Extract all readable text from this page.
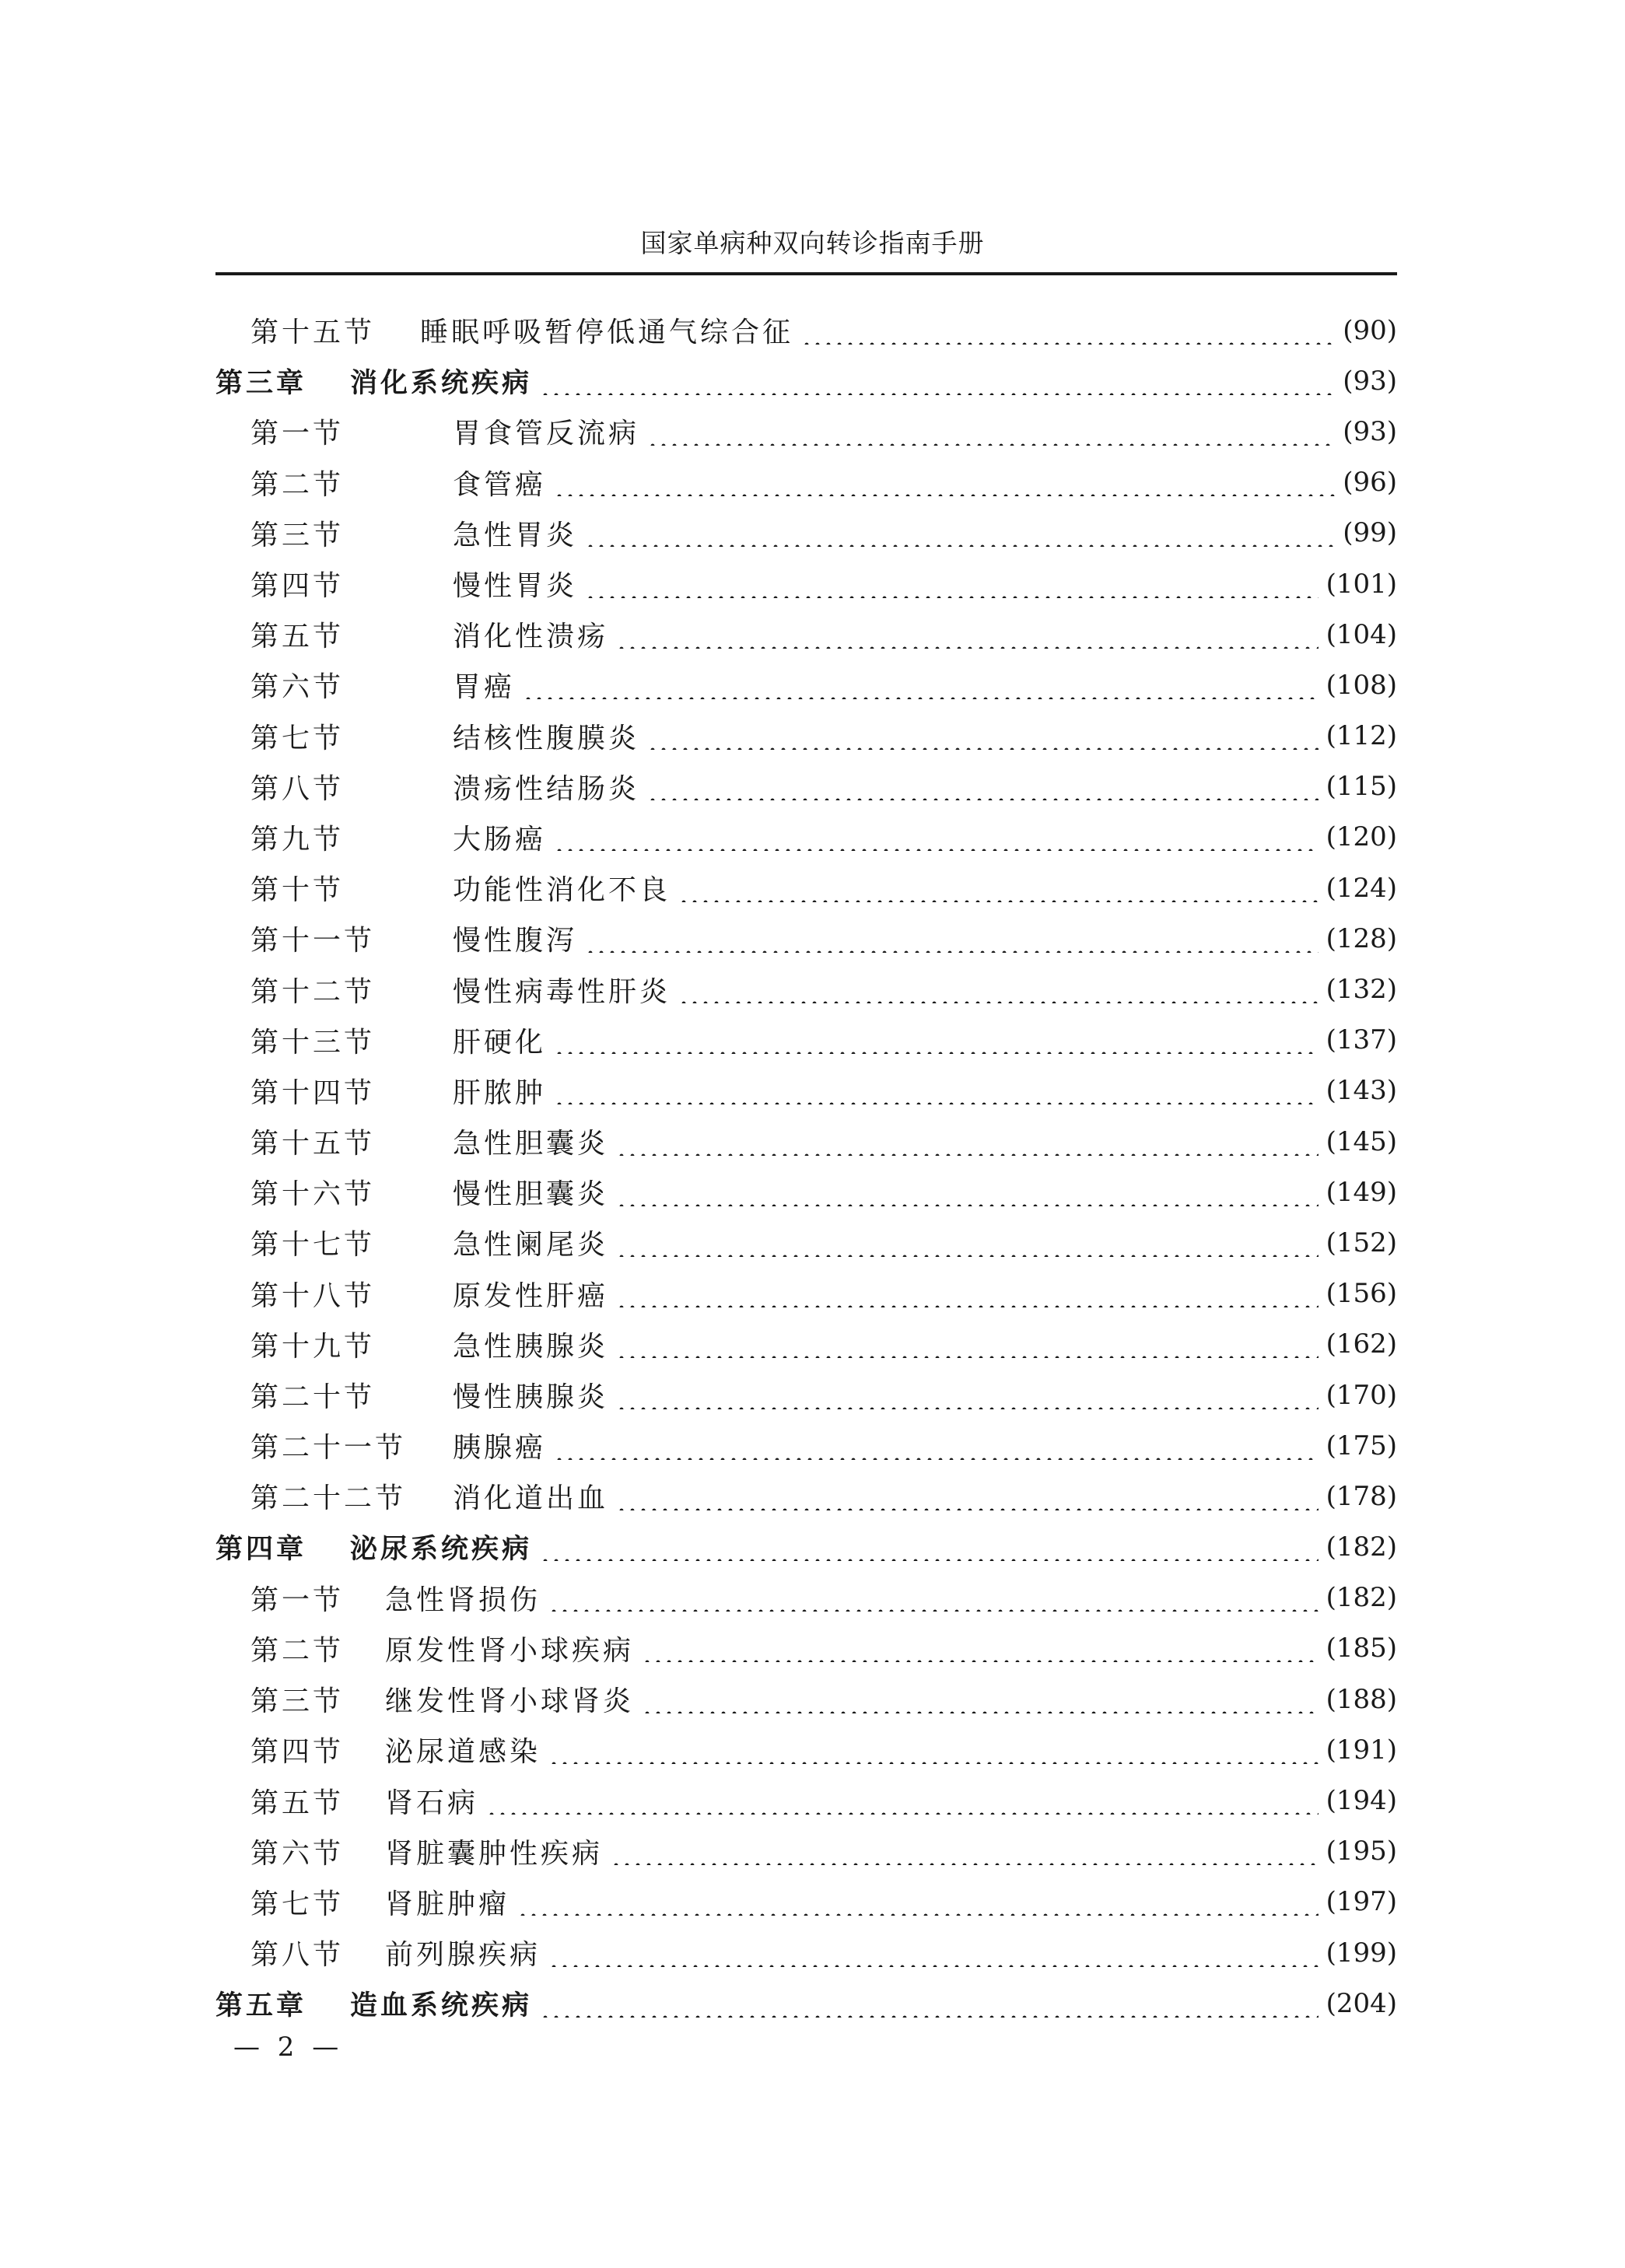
国家单病种双向转诊指南手册
第十五节 睡眠呼吸暂停低通气综合征	(90)
第三章 消化系统疾病	(93)
第一节	胃食管反流病	(93)
第二节	食管癌	(96)
第三节	急性胃炎	(99)
第四节	慢性胃炎	(101)
第五节	消化性溃疡	(104)
第六节	胃癌	(108)
第七节	结核性腹膜炎	(112)
第八节	溃疡性结肠炎	(115)
第九节	大肠癌	(120)
第十节	功能性消化不良	(124)
第十一节	慢性腹泻	(128)
第十二节	慢性病毒性肝炎	(132)
第十三节	肝硬化	(137)
第十四节	肝脓肿	(143)
第十五节	急性胆囊炎	(145)
第十六节	慢性胆囊炎	(149)
第十七节	急性阑尾炎	(152)
第十八节	原发性肝癌	(156)
第十九节	急性胰腺炎	(162)
第二十节	慢性胰腺炎	(170)
第二十一节 胰腺癌	(175)
第二十二节 消化道出血	(178)
第四章 泌尿系统疾病	(182)
第一节 急性肾损伤	(182)
第二节 原发性肾小球疾病	(185)
第三节 继发性肾小球肾炎	(188)
第四节 泌尿道感染	(191)
第五节 肾石病	(194)
第六节 肾脏囊肿性疾病	(195)
第七节 肾脏肿瘤	(197)
第八节 前列腺疾病	(199)
第五章 造血系统疾病	(204)
— 2 —
